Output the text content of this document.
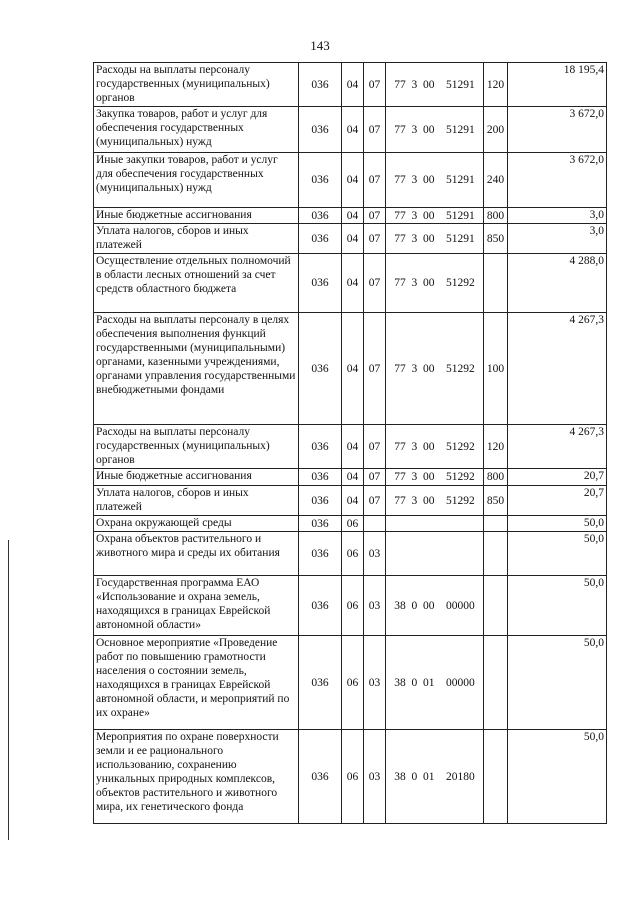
143
Расходы на выплаты персоналу государственных (муниципальных) органов	036	04	07	77  3  00    51291	120	18 195,4
Закупка товаров, работ и услуг для обеспечения государственных (муниципальных) нужд	036	04	07	77  3  00    51291	200	3 672,0
Иные закупки товаров, работ и услуг для обеспечения государственных (муниципальных) нужд	036	04	07	77  3  00    51291	240	3 672,0
Иные бюджетные ассигнования	036	04	07	77  3  00    51291	800	3,0
Уплата налогов, сборов и иных платежей	036	04	07	77  3  00    51291	850	3,0
Осуществление отдельных полномочий в области лесных отношений за счет средств областного бюджета	036	04	07	77  3  00    51292		4 288,0
Расходы на выплаты персоналу в целях обеспечения выполнения функций государственными (муниципальными) органами, казенными учреждениями, органами управления государственными внебюджетными фондами	036	04	07	77  3  00    51292	100	4 267,3
Расходы на выплаты персоналу государственных (муниципальных) органов	036	04	07	77  3  00    51292	120	4 267,3
Иные бюджетные ассигнования	036	04	07	77  3  00    51292	800	20,7
Уплата налогов, сборов и иных платежей	036	04	07	77  3  00    51292	850	20,7
Охрана окружающей среды	036	06				50,0
Охрана объектов растительного и животного мира и среды их обитания	036	06	03			50,0
Государственная программа ЕАО «Использование и охрана земель, находящихся в границах Еврейской автономной области»	036	06	03	38  0  00    00000		50,0
Основное мероприятие «Проведение работ по повышению грамотности населения о состоянии земель, находящихся в границах Еврейской автономной области, и мероприятий по их охране»	036	06	03	38  0  01    00000		50,0
Мероприятия по охране поверхности земли и ее рационального использованию, сохранению уникальных природных комплексов, объектов растительного и животного мира, их генетического фонда	036	06	03	38  0  01    20180		50,0
